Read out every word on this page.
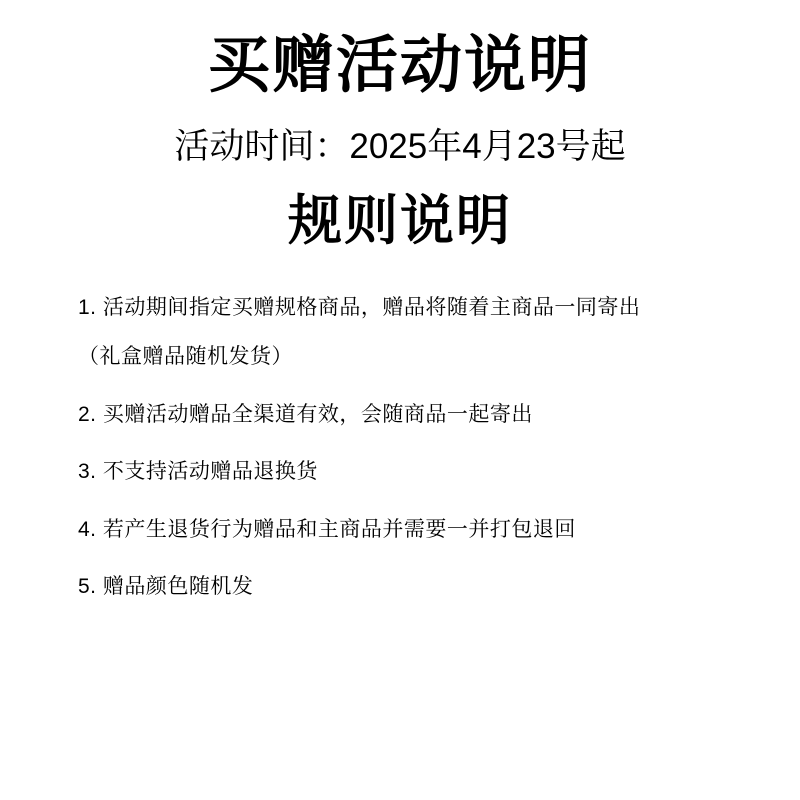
买赠活动说明

活动时间：2025年4月23号起

规则说明
1. 活动期间指定买赠规格商品，赠品将随着主商品一同寄出
（礼盒赠品随机发货）
2. 买赠活动赠品全渠道有效，会随商品一起寄出
3. 不支持活动赠品退换货
4. 若产生退货行为赠品和主商品并需要一并打包退回
5. 赠品颜色随机发
